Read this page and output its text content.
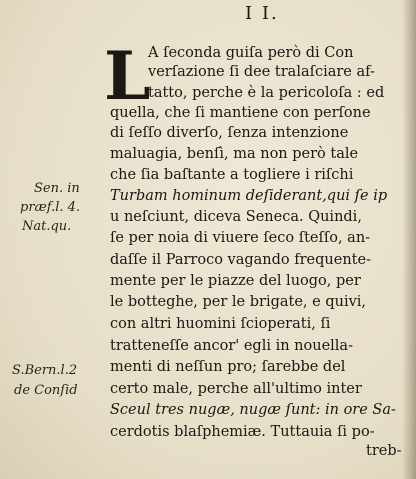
I I.
L
A ſeconda guiſa però di Con
verſazione ſi dee tralaſciare af-
tatto, perche è la pericoloſa : ed
quella, che ſi mantiene con perſone
di ſeſſo diverſo, ſenza intenzione
maluagia, benſì, ma non però tale
che ſia baſtante a togliere i riſchi
Turbam hominum deſiderant,qui ſe ip
u neſciunt, diceva Seneca. Quindi,
ſe per noia di viuere ſeco ſteſſo, an-
daſſe il Parroco vagando frequente-
mente per le piazze del luogo, per
le botteghe, per le brigate, e quivi,
con altri huomini ſcioperati, ſi
tratteneſſe ancor' egli in nouella-
menti di neſſun pro; ſarebbe del
certo male, perche all'ultimo inter
Sceul tres nugæ, nugæ ſunt: in ore Sa-
cerdotis blaſphemiæ. Tuttauia ſi po-
treb-
Sen. in
præf.l. 4.
Nat.qu.
S.Bern.l.2
de Conſid
